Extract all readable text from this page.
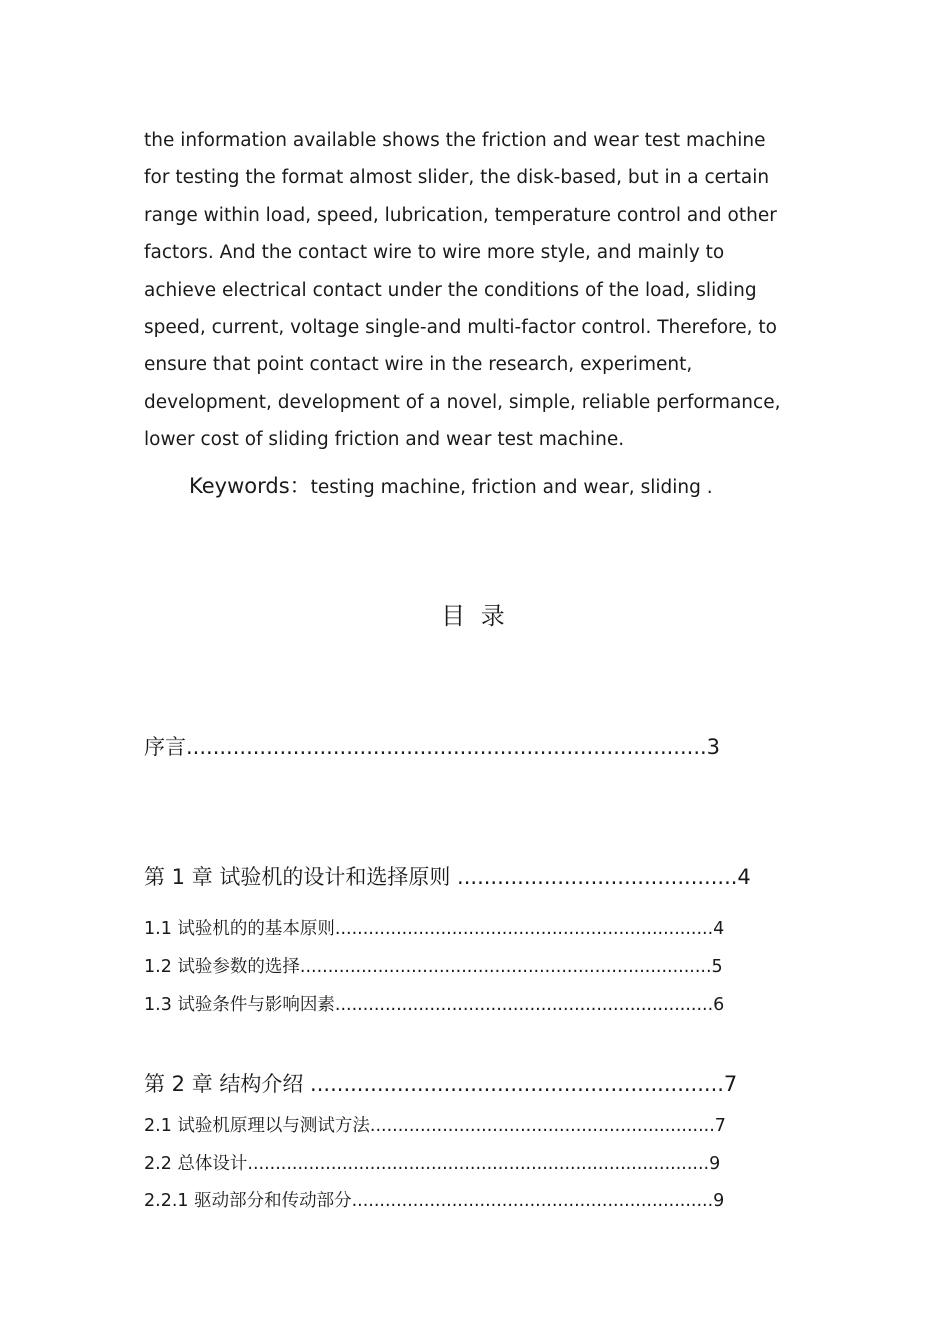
the information available shows the friction and wear test machine
for testing the format almost slider, the disk-based, but in a certain
range within load, speed, lubrication, temperature control and other
factors. And the contact wire to wire more style, and mainly to
achieve electrical contact under the conditions of the load, sliding
speed, current, voltage single-and multi-factor control. Therefore, to
ensure that point contact wire in the research, experiment,
development, development of a novel, simple, reliable performance,
lower cost of sliding friction and wear test machine.
Keywords：testing machine, friction and wear, sliding .
目 录
序言..............................................................................3
第 1 章 试验机的设计和选择原则 ..........................................4
1.1 试验机的的基本原则....................................................................4
1.2 试验参数的选择..........................................................................5
1.3 试验条件与影响因素....................................................................6
第 2 章 结构介绍 ..............................................................7
2.1 试验机原理以与测试方法..............................................................7
2.2 总体设计...................................................................................9
2.2.1 驱动部分和传动部分.................................................................9
